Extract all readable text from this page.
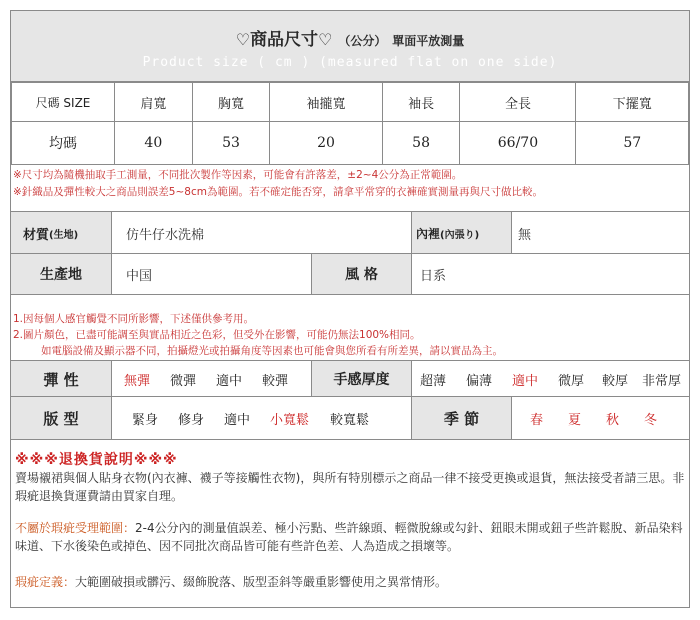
♡商品尺寸♡ （公分） 單面平放測量
Product size ( cm ) (measured flat on one side)
尺碼 SIZE	肩寬	胸寬	袖攏寬	袖長	全長	下擺寬
均碼	40	53	20	58	66/70	57
※尺寸均為隨機抽取手工測量，不同批次製作等因素，可能會有許落差，±2~4公分為正常範圍。
※針織品及彈性較大之商品則誤差5~8cm為範圍。若不確定能否穿，請拿平常穿的衣褲確實測量再與尺寸做比較。
材質 (生地)	仿牛仔水洗棉	內裡 (內張り)	無
生產地	中国	風 格	日系
1.因每個人感官觸覺不同所影響，下述僅供參考用。
2.圖片顏色，已盡可能調至與實品相近之色彩，但受外在影響，可能仍無法100%相同。
如電腦設備及顯示器不同，拍攝燈光或拍攝角度等因素也可能會與您所看有所差異，請以實品為主。
彈 性	無彈 微彈 適中 較彈	手感厚度	超薄 偏薄 適中 微厚 較厚 非常厚
版 型	緊身 修身 適中 小寬鬆 較寬鬆	季 節	春 夏 秋 冬
※※※退換貨說明※※※
賣場襯裙與個人貼身衣物(內衣褲、襪子等接觸性衣物)，與所有特別標示之商品一律不接受更換或退貨，無法接受者請三思。非瑕疵退換貨運費請由買家自理。
不屬於瑕疵受理範圍：2-4公分內的測量值誤差、極小污點、些許線頭、輕微脫線或勾針、鈕眼未開或鈕子些許鬆脫、新品染料味道、下水後染色或掉色、因不同批次商品皆可能有些許色差、人為造成之損壞等。
瑕疵定義：大範圍破損或髒污、綴飾脫落、版型歪斜等嚴重影響使用之異常情形。
